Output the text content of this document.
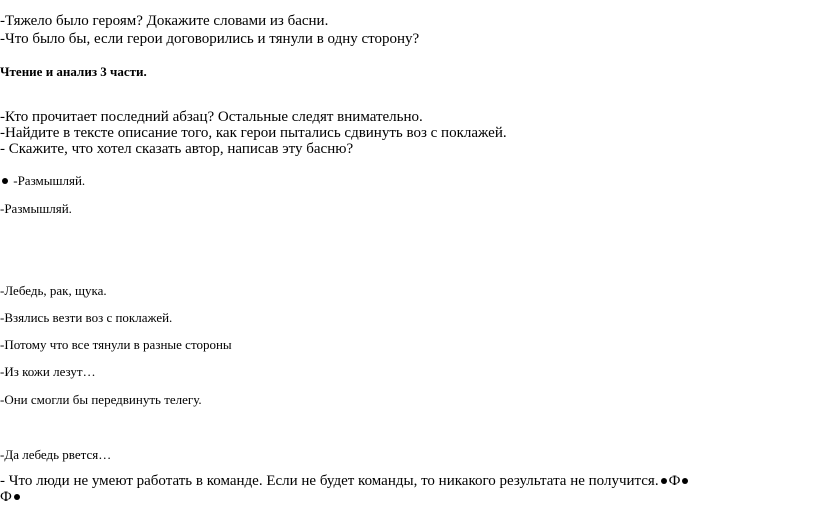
-Тяжело было героям? Докажите словами из басни.
-Что было бы, если герои договорились и тянули в одну сторону?
Чтение и анализ 3 части.
-Кто прочитает последний абзац? Остальные следят внимательно.
-Найдите в тексте описание того, как герои пытались сдвинуть воз с поклажей.
- Скажите, что хотел сказать автор, написав эту басню?
-Размышляй.
-Размышляй.
-Лебедь, рак, щука.
-Взялись везти воз с поклажей.
-Потому что все тянули в разные стороны
-Из кожи лезут…
-Они смогли бы передвинуть телегу.
-Да лебедь рвется…
- Что люди не умеют работать в команде. Если не будет команды, то никакого результата не получится. Ф
Ф
